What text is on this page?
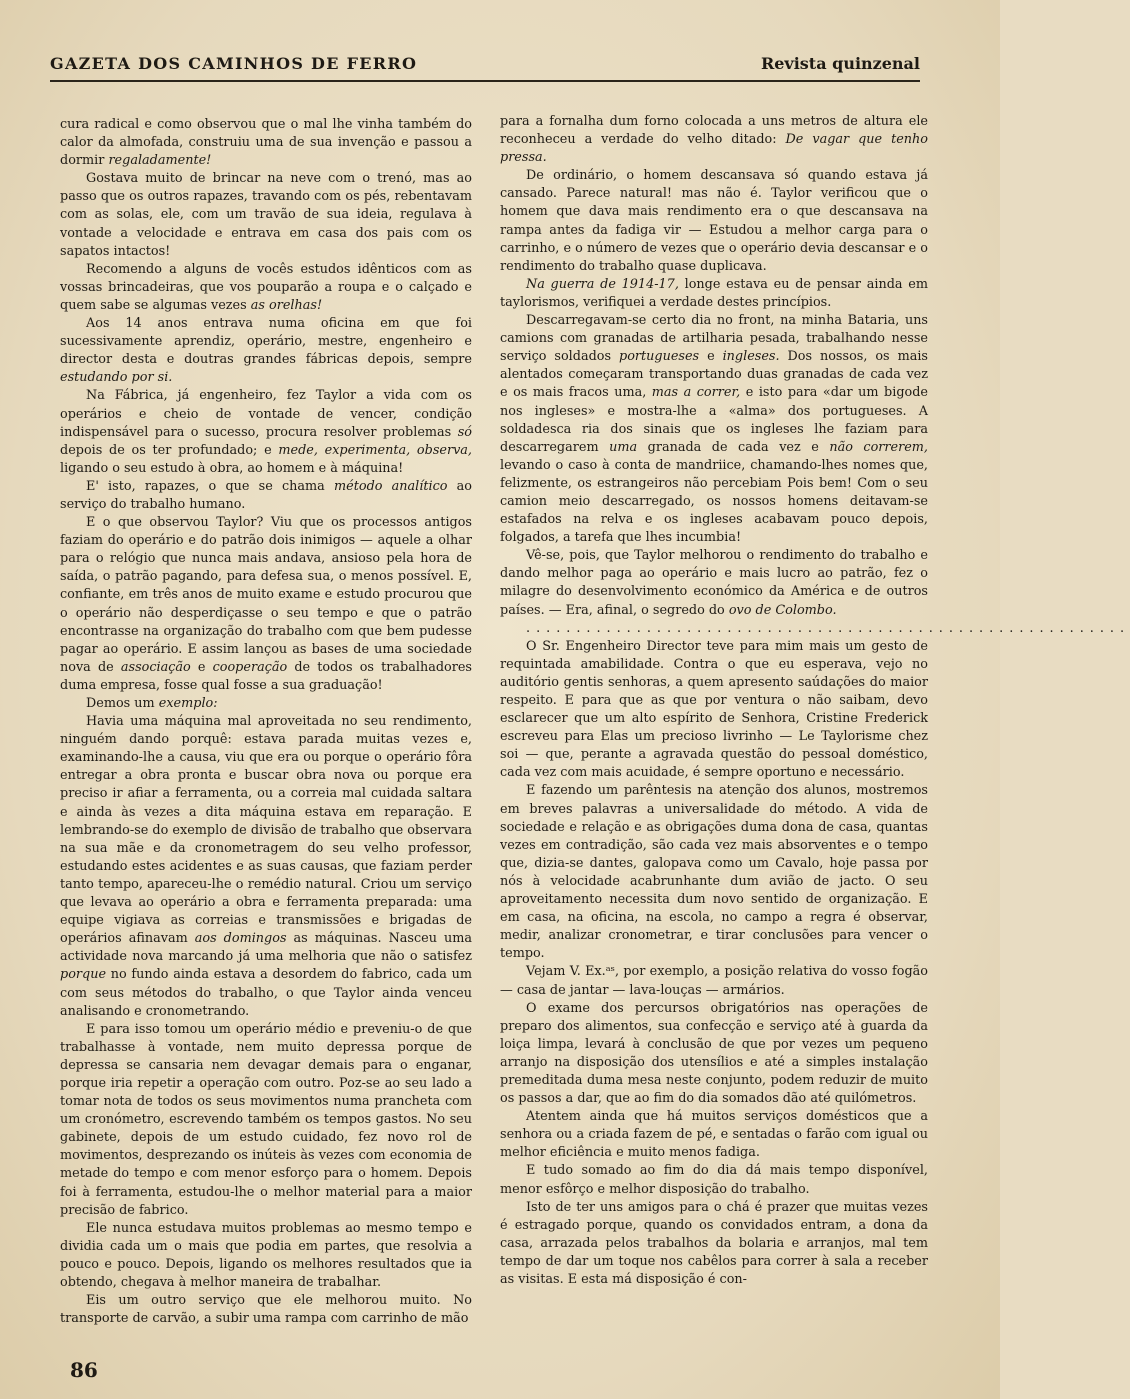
GAZETA DOS CAMINHOS DE FERRO	Revista quinzenal

cura radical e como observou que o mal lhe vinha também do calor da almofada, construiu uma de sua invenção e passou a dormir regaladamente!

Gostava muito de brincar na neve com o trenó, mas ao passo que os outros rapazes, travando com os pés, rebentavam com as solas, ele, com um travão de sua ideia, regulava à vontade a velocidade e entrava em casa dos pais com os sapatos intactos!

Recomendo a alguns de vocês estudos idênticos com as vossas brincadeiras, que vos pouparão a roupa e o calçado e quem sabe se algumas vezes as orelhas!

Aos 14 anos entrava numa oficina em que foi sucessivamente aprendiz, operário, mestre, engenheiro e director desta e doutras grandes fábricas depois, sempre estudando por si.

Na Fábrica, já engenheiro, fez Taylor a vida com os operários e cheio de vontade de vencer, condição indispensável para o sucesso, procura resolver problemas só depois de os ter profundado; e mede, experimenta, observa, ligando o seu estudo à obra, ao homem e à máquina!

E' isto, rapazes, o que se chama método analítico ao serviço do trabalho humano.

E o que observou Taylor? Viu que os processos antigos faziam do operário e do patrão dois inimigos — aquele a olhar para o relógio que nunca mais andava, ansioso pela hora de saída, o patrão pagando, para defesa sua, o menos possível. E, confiante, em três anos de muito exame e estudo procurou que o operário não desperdiçasse o seu tempo e que o patrão encontrasse na organização do trabalho com que bem pudesse pagar ao operário. E assim lançou as bases de uma sociedade nova de associação e cooperação de todos os trabalhadores duma empresa, fosse qual fosse a sua graduação!

Demos um exemplo:

Havia uma máquina mal aproveitada no seu rendimento, ninguém dando porquê: estava parada muitas vezes e, examinando-lhe a causa, viu que era ou porque o operário fôra entregar a obra pronta e buscar obra nova ou porque era preciso ir afiar a ferramenta, ou a correia mal cuidada saltara e ainda às vezes a dita máquina estava em reparação. E lembrando-se do exemplo de divisão de trabalho que observara na sua mãe e da cronometragem do seu velho professor, estudando estes acidentes e as suas causas, que faziam perder tanto tempo, apareceu-lhe o remédio natural. Criou um serviço que levava ao operário a obra e ferramenta preparada: uma equipe vigiava as correias e transmissões e brigadas de operários afinavam aos domingos as máquinas. Nasceu uma actividade nova marcando já uma melhoria que não o satisfez porque no fundo ainda estava a desordem do fabrico, cada um com seus métodos do trabalho, o que Taylor ainda venceu analisando e cronometrando.

E para isso tomou um operário médio e preveniu-o de que trabalhasse à vontade, nem muito depressa porque de depressa se cansaria nem devagar demais para o enganar, porque iria repetir a operação com outro. Poz-se ao seu lado a tomar nota de todos os seus movimentos numa prancheta com um cronómetro, escrevendo também os tempos gastos. No seu gabinete, depois de um estudo cuidado, fez novo rol de movimentos, desprezando os inúteis às vezes com economia de metade do tempo e com menor esforço para o homem. Depois foi à ferramenta, estudou-lhe o melhor material para a maior precisão de fabrico.

Ele nunca estudava muitos problemas ao mesmo tempo e dividia cada um o mais que podia em partes, que resolvia a pouco e pouco. Depois, ligando os melhores resultados que ia obtendo, chegava à melhor maneira de trabalhar.

Eis um outro serviço que ele melhorou muito. No transporte de carvão, a subir uma rampa com carrinho de mão

para a fornalha dum forno colocada a uns metros de altura ele reconheceu a verdade do velho ditado: De vagar que tenho pressa.

De ordinário, o homem descansava só quando estava já cansado. Parece natural! mas não é. Taylor verificou que o homem que dava mais rendimento era o que descansava na rampa antes da fadiga vir — Estudou a melhor carga para o carrinho, e o número de vezes que o operário devia descansar e o rendimento do trabalho quase duplicava.

Na guerra de 1914-17, longe estava eu de pensar ainda em taylorismos, verifiquei a verdade destes princípios.

Descarregavam-se certo dia no front, na minha Bataria, uns camions com granadas de artilharia pesada, trabalhando nesse serviço soldados portugueses e ingleses. Dos nossos, os mais alentados começaram transportando duas granadas de cada vez e os mais fracos uma, mas a correr, e isto para «dar um bigode nos ingleses» e mostra-lhe a «alma» dos portugueses. A soldadesca ria dos sinais que os ingleses lhe faziam para descarregarem uma granada de cada vez e não correrem, levando o caso à conta de mandriice, chamando-lhes nomes que, felizmente, os estrangeiros não percebiam Pois bem! Com o seu camion meio descarregado, os nossos homens deitavam-se estafados na relva e os ingleses acabavam pouco depois, folgados, a tarefa que lhes incumbia!

Vê-se, pois, que Taylor melhorou o rendimento do trabalho e dando melhor paga ao operário e mais lucro ao patrão, fez o milagre do desenvolvimento económico da América e de outros países. — Era, afinal, o segredo do ovo de Colombo.

............................................................

O Sr. Engenheiro Director teve para mim mais um gesto de requintada amabilidade. Contra o que eu esperava, vejo no auditório gentis senhoras, a quem apresento saúdações do maior respeito. E para que as que por ventura o não saibam, devo esclarecer que um alto espírito de Senhora, Cristine Frederick escreveu para Elas um precioso livrinho — Le Taylorisme chez soi — que, perante a agravada questão do pessoal doméstico, cada vez com mais acuidade, é sempre oportuno e necessário.

E fazendo um parêntesis na atenção dos alunos, mostremos em breves palavras a universalidade do método. A vida de sociedade e relação e as obrigações duma dona de casa, quantas vezes em contradição, são cada vez mais absorventes e o tempo que, dizia-se dantes, galopava como um Cavalo, hoje passa por nós à velocidade acabrunhante dum avião de jacto. O seu aproveitamento necessita dum novo sentido de organização. E em casa, na oficina, na escola, no campo a regra é observar, medir, analizar cronometrar, e tirar conclusões para vencer o tempo.

Vejam V. Ex.ᵃˢ, por exemplo, a posição relativa do vosso fogão — casa de jantar — lava-louças — armários.

O exame dos percursos obrigatórios nas operações de preparo dos alimentos, sua confecção e serviço até à guarda da loiça limpa, levará à conclusão de que por vezes um pequeno arranjo na disposição dos utensílios e até a simples instalação premeditada duma mesa neste conjunto, podem reduzir de muito os passos a dar, que ao fim do dia somados dão até quilómetros.

Atentem ainda que há muitos serviços domésticos que a senhora ou a criada fazem de pé, e sentadas o farão com igual ou melhor eficiência e muito menos fadiga.

E tudo somado ao fim do dia dá mais tempo disponível, menor esfôrço e melhor disposição do trabalho.

Isto de ter uns amigos para o chá é prazer que muitas vezes é estragado porque, quando os convidados entram, a dona da casa, arrazada pelos trabalhos da bolaria e arranjos, mal tem tempo de dar um toque nos cabêlos para correr à sala a receber as visitas. E esta má disposição é con-

86
